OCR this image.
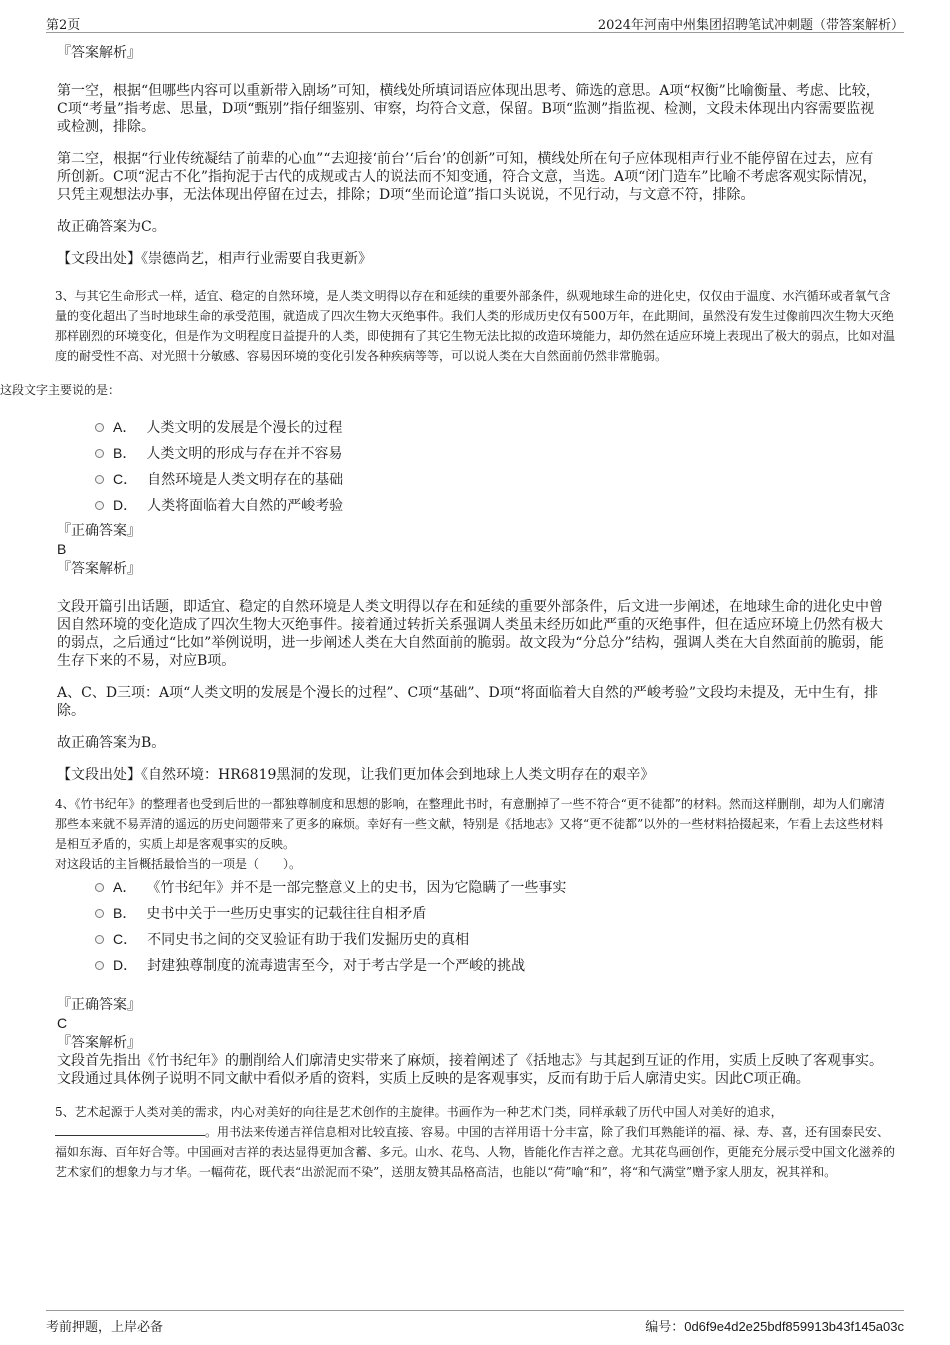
第2页	2024年河南中州集团招聘笔试冲刺题（带答案解析）
『答案解析』

第一空，根据“但哪些内容可以重新带入剧场”可知，横线处所填词语应体现出思考、筛选的意思。A项“权衡”比喻衡量、考虑、比较，C项“考量”指考虑、思量，D项“甄别”指仔细鉴别、审察，均符合文意，保留。B项“监测”指监视、检测，文段未体现出内容需要监视或检测，排除。

第二空，根据“行业传统凝结了前辈的心血”“去迎接‘前台’‘后台’的创新”可知，横线处所在句子应体现相声行业不能停留在过去，应有所创新。C项“泥古不化”指拘泥于古代的成规或古人的说法而不知变通，符合文意，当选。A项“闭门造车”比喻不考虑客观实际情况，只凭主观想法办事，无法体现出停留在过去，排除；D项“坐而论道”指口头说说，不见行动，与文意不符，排除。

故正确答案为C。

【文段出处】《崇德尚艺，相声行业需要自我更新》

3、与其它生命形式一样，适宜、稳定的自然环境，是人类文明得以存在和延续的重要外部条件，纵观地球生命的进化史，仅仅由于温度、水汽循环或者氧气含量的变化超出了当时地球生命的承受范围，就造成了四次生物大灭绝事件。我们人类的形成历史仅有500万年，在此期间，虽然没有发生过像前四次生物大灭绝那样剧烈的环境变化，但是作为文明程度日益提升的人类，即使拥有了其它生物无法比拟的改造环境能力，却仍然在适应环境上表现出了极大的弱点，比如对温度的耐受性不高、对光照十分敏感、容易因环境的变化引发各种疾病等等，可以说人类在大自然面前仍然非常脆弱。
这段文字主要说的是：
A． 人类文明的发展是个漫长的过程
B． 人类文明的形成与存在并不容易
C． 自然环境是人类文明存在的基础
D． 人类将面临着大自然的严峻考验
『正确答案』
B
『答案解析』

文段开篇引出话题，即适宜、稳定的自然环境是人类文明得以存在和延续的重要外部条件，后文进一步阐述，在地球生命的进化史中曾因自然环境的变化造成了四次生物大灭绝事件。接着通过转折关系强调人类虽未经历如此严重的灭绝事件，但在适应环境上仍然有极大的弱点，之后通过“比如”举例说明，进一步阐述人类在大自然面前的脆弱。故文段为“分总分”结构，强调人类在大自然面前的脆弱，能生存下来的不易，对应B项。

A、C、D三项：A项“人类文明的发展是个漫长的过程”、C项“基础”、D项“将面临着大自然的严峻考验”文段均未提及，无中生有，排除。

故正确答案为B。

【文段出处】《自然环境：HR6819黑洞的发现，让我们更加体会到地球上人类文明存在的艰辛》

4、《竹书纪年》的整理者也受到后世的一都独尊制度和思想的影响，在整理此书时，有意删掉了一些不符合“更不徒都”的材料。然而这样删削，却为人们廓清那些本来就不易弄清的遥远的历史问题带来了更多的麻烦。幸好有一些文献，特别是《括地志》又将“更不徒都”以外的一些材料拾掇起来，乍看上去这些材料是相互矛盾的，实质上却是客观事实的反映。
对这段话的主旨概括最恰当的一项是（　　）。
A． 《竹书纪年》并不是一部完整意义上的史书，因为它隐瞒了一些事实
B． 史书中关于一些历史事实的记载往往自相矛盾
C． 不同史书之间的交叉验证有助于我们发掘历史的真相
D． 封建独尊制度的流毒遗害至今，对于考古学是一个严峻的挑战
『正确答案』
C
『答案解析』

文段首先指出《竹书纪年》的删削给人们廓清史实带来了麻烦，接着阐述了《括地志》与其起到互证的作用，实质上反映了客观事实。文段通过具体例子说明不同文献中看似矛盾的资料，实质上反映的是客观事实，反而有助于后人廓清史实。因此C项正确。

5、艺术起源于人类对美的需求，内心对美好的向往是艺术创作的主旋律。书画作为一种艺术门类，同样承载了历代中国人对美好的追求，。用书法来传递吉祥信息相对比较直接、容易。中国的吉祥用语十分丰富，除了我们耳熟能详的福、禄、寿、喜，还有国泰民安、福如东海、百年好合等。中国画对吉祥的表达显得更加含蓄、多元。山水、花鸟、人物，皆能化作吉祥之意。尤其花鸟画创作，更能充分展示受中国文化滋养的艺术家们的想象力与才华。一幅荷花，既代表“出淤泥而不染”，送朋友赞其品格高洁，也能以“荷”喻“和”，将“和气满堂”赠予家人朋友，祝其祥和。
考前押题，上岸必备	编号：0d6f9e4d2e25bdf859913b43f145a03c
